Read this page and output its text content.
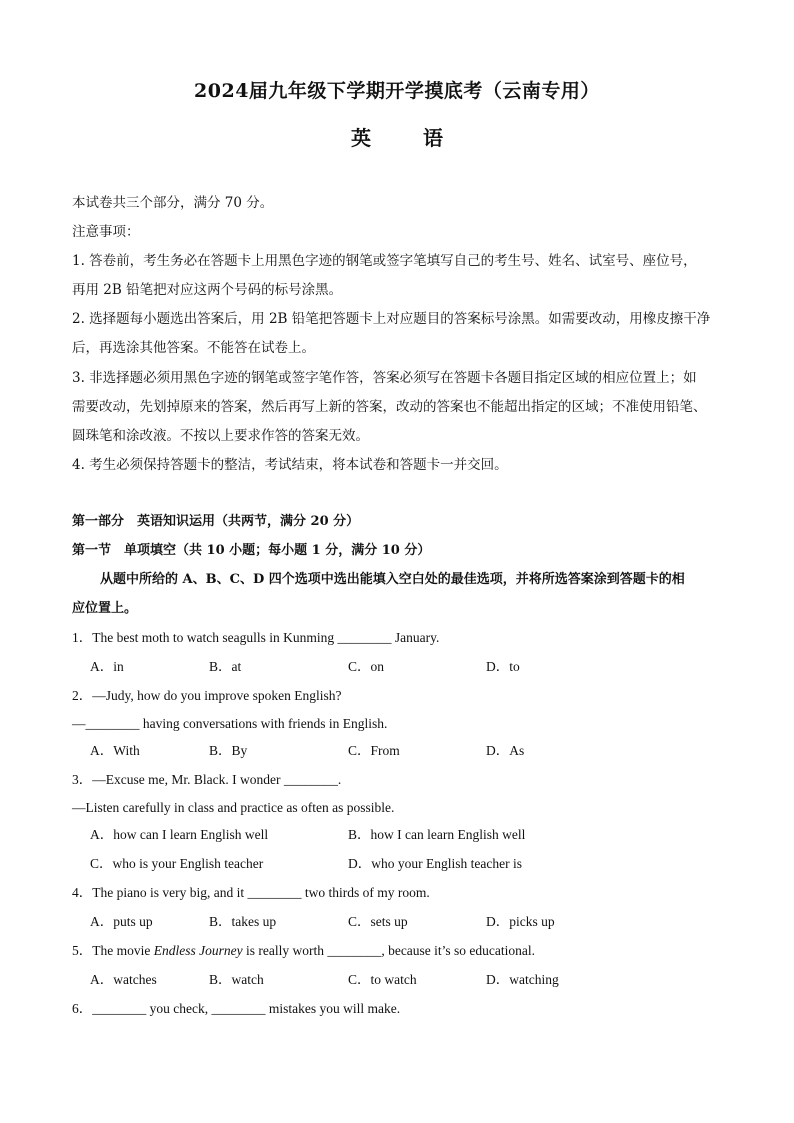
2024届九年级下学期开学摸底考（云南专用）
英	语
本试卷共三个部分，满分 70 分。
注意事项：
1. 答卷前，考生务必在答题卡上用黑色字迹的钢笔或签字笔填写自己的考生号、姓名、试室号、座位号，
再用 2B 铅笔把对应这两个号码的标号涂黑。
2. 选择题每小题选出答案后，用 2B 铅笔把答题卡上对应题目的答案标号涂黑。如需要改动，用橡皮擦干净
后，再选涂其他答案。不能答在试卷上。
3. 非选择题必须用黑色字迹的钢笔或签字笔作答，答案必须写在答题卡各题目指定区域的相应位置上；如
需要改动，先划掉原来的答案，然后再写上新的答案，改动的答案也不能超出指定的区域；不准使用铅笔、
圆珠笔和涂改液。不按以上要求作答的答案无效。
4. 考生必须保持答题卡的整洁，考试结束，将本试卷和答题卡一并交回。
第一部分　英语知识运用（共两节，满分 20 分）
第一节　单项填空（共 10 小题；每小题 1 分，满分 10 分）
从题中所给的 A、B、C、D 四个选项中选出能填入空白处的最佳选项，并将所选答案涂到答题卡的相
应位置上。
1．The best moth to watch seagulls in Kunming ________ January.
A．in	B．at	C．on	D．to
2．—Judy, how do you improve spoken English?
—________ having conversations with friends in English.
A．With	B．By	C．From	D．As
3．—Excuse me, Mr. Black. I wonder ________.
—Listen carefully in class and practice as often as possible.
A．how can I learn English well	B．how I can learn English well
C．who is your English teacher	D．who your English teacher is
4．The piano is very big, and it ________ two thirds of my room.
A．puts up	B．takes up	C．sets up	D．picks up
5．The movie Endless Journey is really worth ________, because it’s so educational.
A．watches	B．watch	C．to watch	D．watching
6．________ you check, ________ mistakes you will make.
